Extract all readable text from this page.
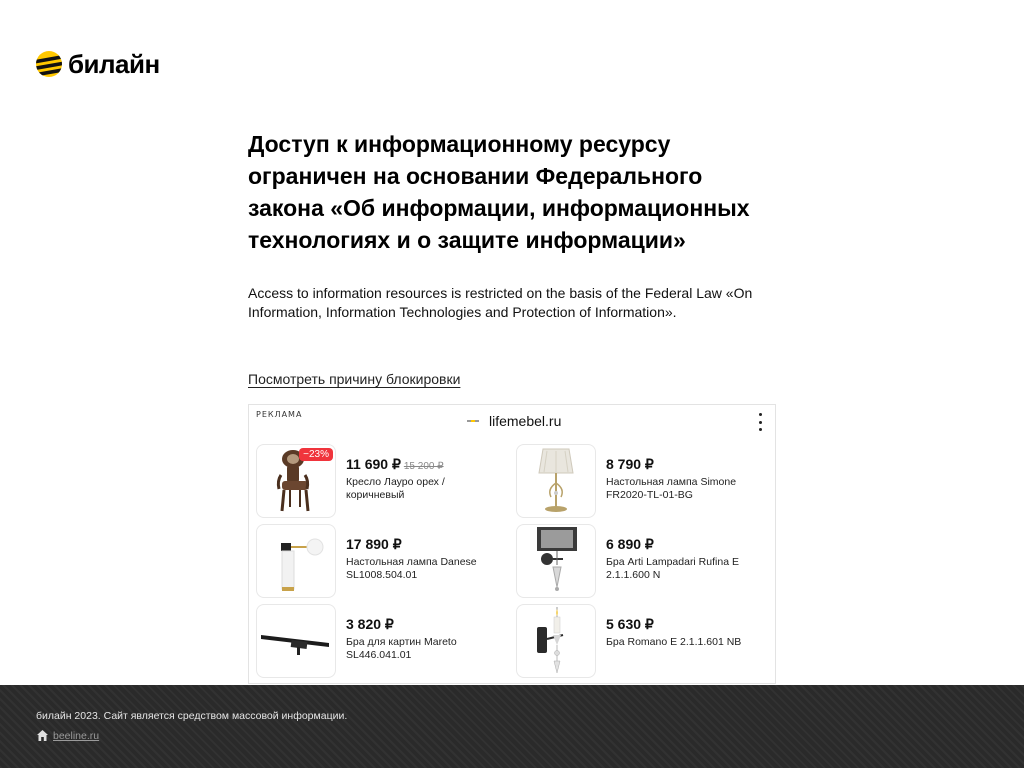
билайн
Доступ к информационному ресурсу ограничен на основании Федерального закона «Об информации, информационных технологиях и о защите информации»

Access to information resources is restricted on the basis of the Federal Law «On Information, Information Technologies and Protection of Information».

Посмотреть причину блокировки
РЕКЛАМА	lifemebel.ru
−23%
11 690 ₽ 15 200 ₽
Кресло Лауро орех / коричневый
8 790 ₽
Настольная лампа Simone FR2020-TL-01-BG
17 890 ₽
Настольная лампа Danese SL1008.504.01
6 890 ₽
Бра Arti Lampadari Rufina E 2.1.1.600 N
3 820 ₽
Бра для картин Mareto SL446.041.01
5 630 ₽
Бра Romano E 2.1.1.601 NB
билайн 2023. Сайт является средством массовой информации.
beeline.ru
